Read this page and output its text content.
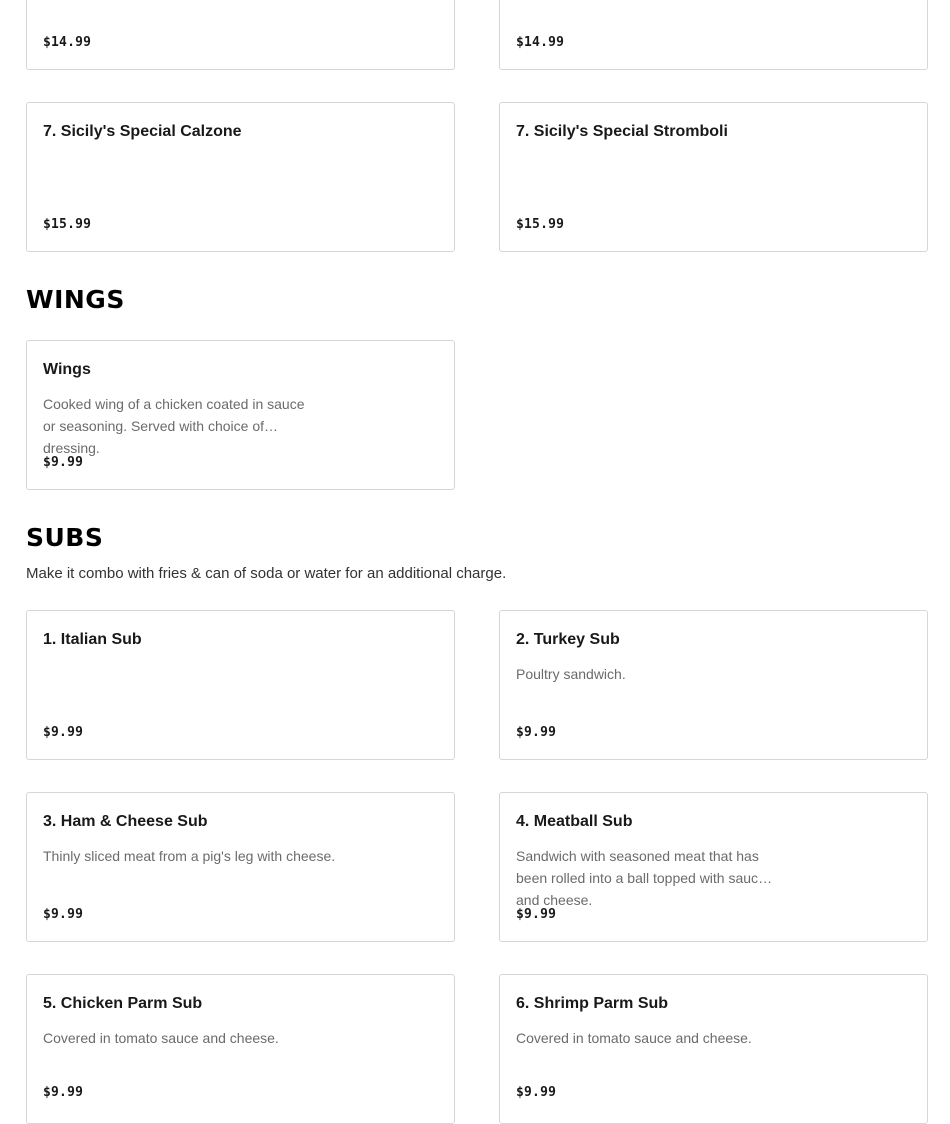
$14.99	$14.99
7. Sicily's Special Calzone
$15.99
7. Sicily's Special Stromboli
$15.99
WINGS
Wings
Cooked wing of a chicken coated in sauce or seasoning. Served with choice of dressing.
$9.99
SUBS
Make it combo with fries & can of soda or water for an additional charge.
1. Italian Sub
$9.99
2. Turkey Sub
Poultry sandwich.
$9.99
3. Ham & Cheese Sub
Thinly sliced meat from a pig's leg with cheese.
$9.99
4. Meatball Sub
Sandwich with seasoned meat that has been rolled into a ball topped with sauce and cheese.
$9.99
5. Chicken Parm Sub
Covered in tomato sauce and cheese.
$9.99
6. Shrimp Parm Sub
Covered in tomato sauce and cheese.
$9.99
